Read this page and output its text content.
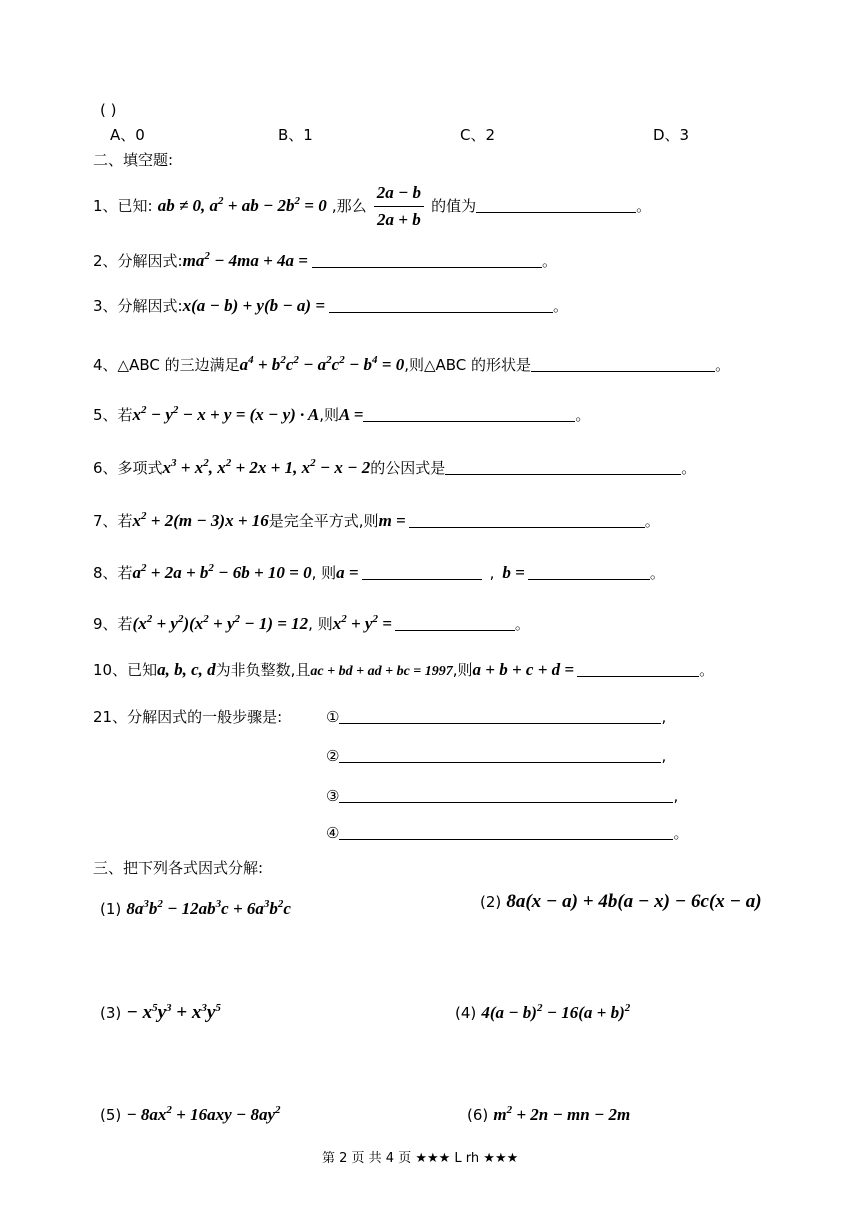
( )
A、0	B、1	C、2	D、3
二、填空题:
1、已知: ab ≠ 0, $a^2$ + ab − $2b^2 = 0$ ,那么 $\frac{2a - b}{2a + b}$ 的值为	。
2、分解因式$:ma^2 - 4ma + 4a$ =	。
3、分解因式:x(a − b) + y(b − a) =	。
4、△ABC 的三边满足$a^4 + b^2c^2 - a^2c^2 - b^4 = 0$,则△ABC 的形状是	。
5、若$x^2 - y^2 - x + y = (x - y) \cdot A$,则A =	。
6、多项式$x^3 + x^2$, $x^2 + 2x + 1$, $x^2 - x - 2$的公因式是	。
7、若$x^2 + 2(m - 3)x + 16$是完全平方式,则m =	。
8、若$a^2 + 2a + b^2 - 6b + 10 = 0$, 则a =	, b =	。
9、若$(x^2 + y^2)(x^2 + y^2 - 1) = 12$, 则$x^2 + y^2$ =	。
10、已知a, b, c, d为非负整数,且ac + bd + ad + bc = 1997,则a + b + c + d =	。
21、分解因式的一般步骤是:	①	,
②	,
③	,
④	。
三、把下列各式因式分解:
(1) $8a^3b^2 - 12ab^3c + 6a^3b^2c$	(2) 8a(x − a) + 4b(a − x) − 6c(x − a)
$(3) - x^5y^3 + x^3y^5$	(4) $4(a - b)^2 - 16(a + b)^2$
$(5) - 8ax^2 + 16axy - 8ay^2$	(6) $m^2 + 2n$ − mn − 2m
第 2 页 共 4 页 ★★★ L rh ★★★
